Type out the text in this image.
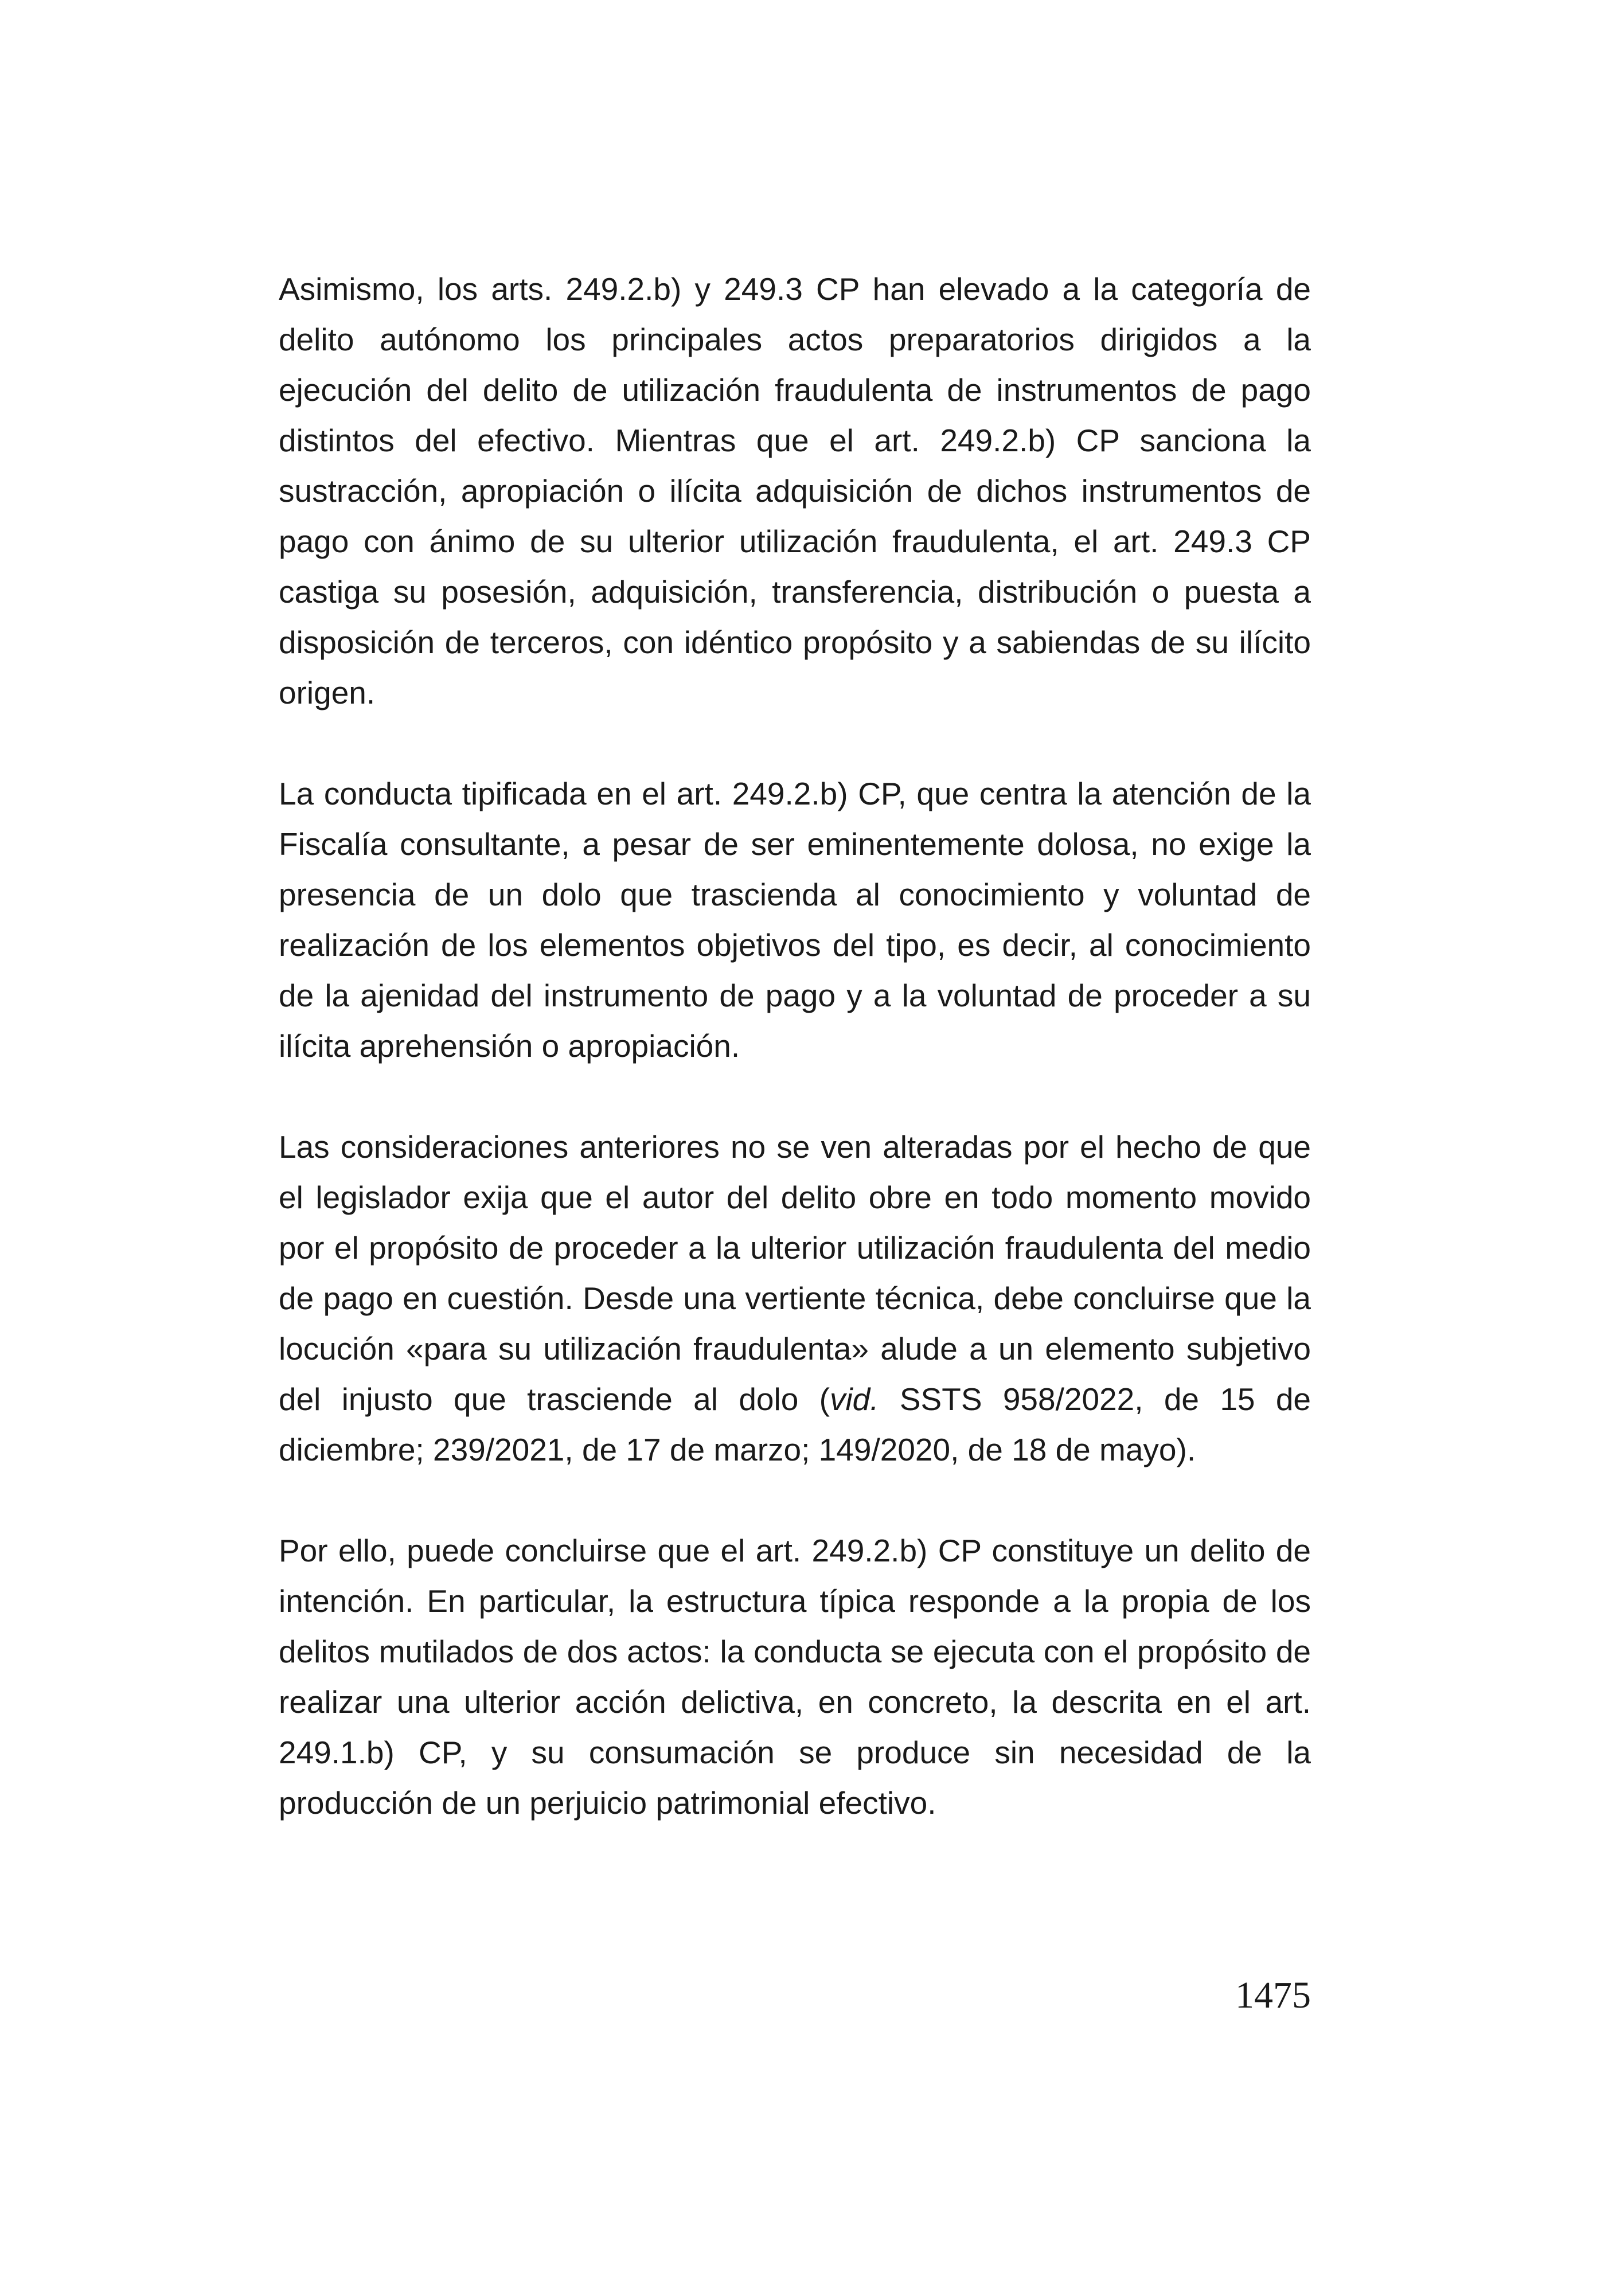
Asimismo, los arts. 249.2.b) y 249.3 CP han elevado a la categoría de delito autónomo los principales actos preparatorios dirigidos a la ejecución del delito de utilización fraudulenta de instrumentos de pago distintos del efectivo. Mientras que el art. 249.2.b) CP sanciona la sustracción, apropiación o ilícita adquisición de dichos instrumentos de pago con ánimo de su ulterior utilización fraudulenta, el art. 249.3 CP castiga su posesión, adquisición, transferencia, distribución o puesta a disposición de terceros, con idéntico propósito y a sabiendas de su ilícito origen.

La conducta tipificada en el art. 249.2.b) CP, que centra la atención de la Fiscalía consultante, a pesar de ser eminentemente dolosa, no exige la presencia de un dolo que trascienda al conocimiento y voluntad de realización de los elementos objetivos del tipo, es decir, al conocimiento de la ajenidad del instrumento de pago y a la voluntad de proceder a su ilícita aprehensión o apropiación.

Las consideraciones anteriores no se ven alteradas por el hecho de que el legislador exija que el autor del delito obre en todo momento movido por el propósito de proceder a la ulterior utilización fraudulenta del medio de pago en cuestión. Desde una vertiente técnica, debe concluirse que la locución «para su utilización fraudulenta» alude a un elemento subjetivo del injusto que trasciende al dolo (vid. SSTS 958/2022, de 15 de diciembre; 239/2021, de 17 de marzo; 149/2020, de 18 de mayo).

Por ello, puede concluirse que el art. 249.2.b) CP constituye un delito de intención. En particular, la estructura típica responde a la propia de los delitos mutilados de dos actos: la conducta se ejecuta con el propósito de realizar una ulterior acción delictiva, en concreto, la descrita en el art. 249.1.b) CP, y su consumación se produce sin necesidad de la producción de un perjuicio patrimonial efectivo.

1475
